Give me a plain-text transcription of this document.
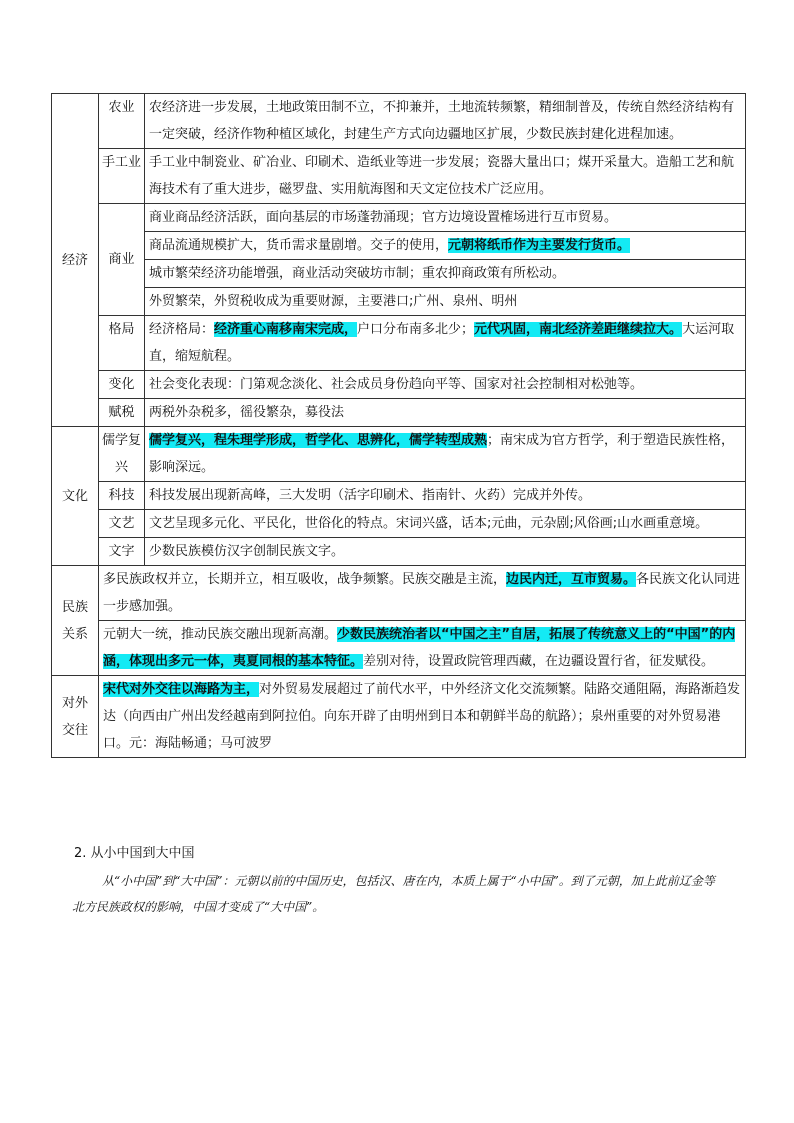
经济	农业	农经济进一步发展，土地政策田制不立，不抑兼并，土地流转频繁，精细制普及，传统自然经济结构有一定突破，经济作物种植区域化，封建生产方式向边疆地区扩展，少数民族封建化进程加速。
	手工业	手工业中制瓷业、矿冶业、印刷术、造纸业等进一步发展；瓷器大量出口；煤开采量大。造船工艺和航海技术有了重大进步，磁罗盘、实用航海图和天文定位技术广泛应用。
	商业	商业商品经济活跃，面向基层的市场蓬勃涌现；官方边境设置榷场进行互市贸易。
		商品流通规模扩大，货币需求量剧增。交子的使用，元朝将纸币作为主要发行货币。
		城市繁荣经济功能增强，商业活动突破坊市制；重农抑商政策有所松动。
		外贸繁荣，外贸税收成为重要财源，主要港口;广州、泉州、明州
	格局	经济格局：经济重心南移南宋完成，户口分布南多北少；元代巩固，南北经济差距继续拉大。大运河取直，缩短航程。
	变化	社会变化表现：门第观念淡化、社会成员身份趋向平等、国家对社会控制相对松弛等。
	赋税	两税外杂税多，徭役繁杂，募役法
文化	儒学复兴	儒学复兴，程朱理学形成，哲学化、思辨化，儒学转型成熟；南宋成为官方哲学，利于塑造民族性格，影响深远。
	科技	科技发展出现新高峰，三大发明（活字印刷术、指南针、火药）完成并外传。
	文艺	文艺呈现多元化、平民化，世俗化的特点。宋词兴盛，话本;元曲，元杂剧;风俗画;山水画重意境。
	文字	少数民族模仿汉字创制民族文字。
民族关系	多民族政权并立，长期并立，相互吸收，战争频繁。民族交融是主流，边民内迁，互市贸易。各民族文化认同进一步感加强。	
	元朝大一统，推动民族交融出现新高潮。少数民族统治者以“中国之主”自居，拓展了传统意义上的“中国”的内涵，体现出多元一体，夷夏同根的基本特征。差别对待，设置政院管理西藏，在边疆设置行省，征发赋役。	
对外交往	宋代对外交往以海路为主，对外贸易发展超过了前代水平，中外经济文化交流频繁。陆路交通阻隔，海路渐趋发达（向西由广州出发经越南到阿拉伯。向东开辟了由明州到日本和朝鲜半岛的航路）；泉州重要的对外贸易港口。元：海陆畅通；马可波罗	
2. 从小中国到大中国
从“小中国”到“大中国”：元朝以前的中国历史，包括汉、唐在内，本质上属于“小中国”。到了元朝，加上此前辽金等北方民族政权的影响，中国才变成了“大中国”。
